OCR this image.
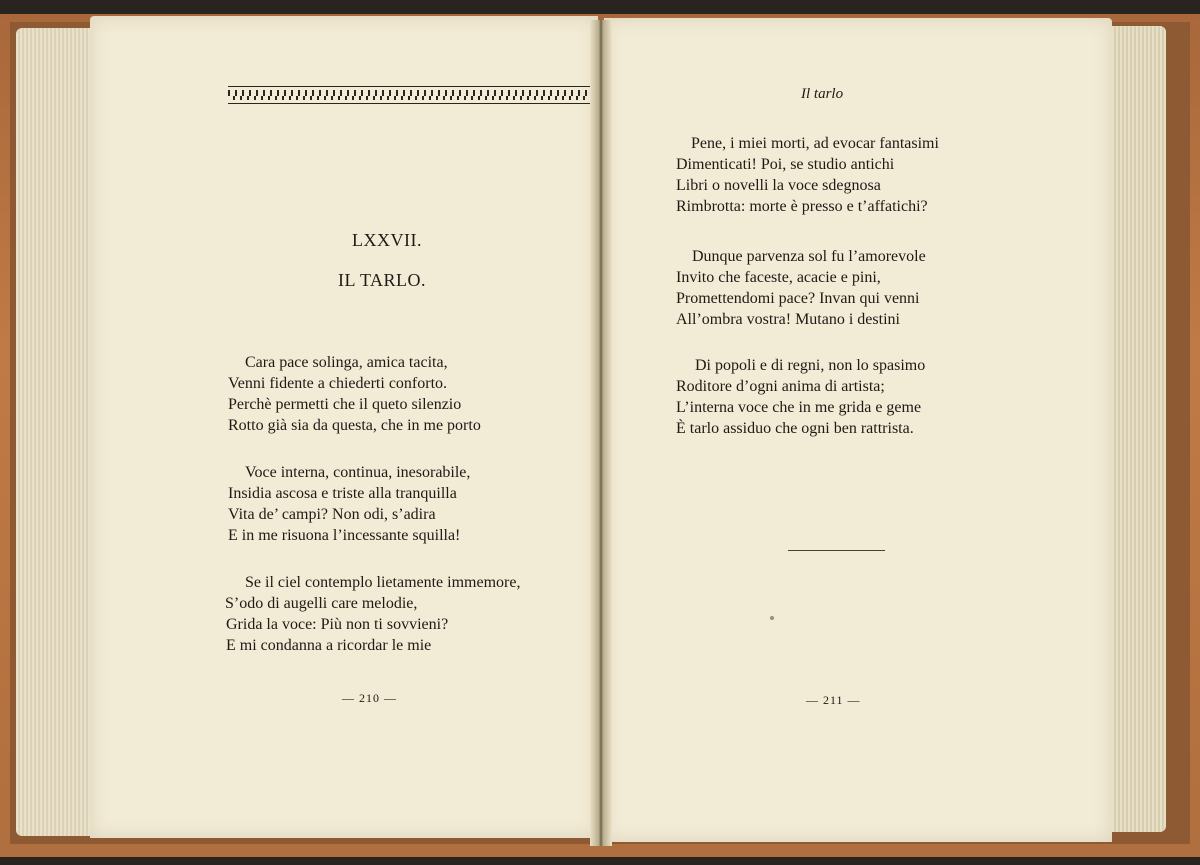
LXXVII.
IL TARLO.
Cara pace solinga, amica tacita,
Venni fidente a chiederti conforto.
Perchè permetti che il queto silenzio
Rotto già sia da questa, che in me porto
Voce interna, continua, inesorabile,
Insidia ascosa e triste alla tranquilla
Vita de’ campi? Non odi, s’adira
E in me risuona l’incessante squilla!
Se il ciel contemplo lietamente immemore,
S’odo di augelli care melodie,
Grida la voce: Più non ti sovvieni?
E mi condanna a ricordar le mie
— 210 —
Il tarlo
Pene, i miei morti, ad evocar fantasimi
Dimenticati! Poi, se studio antichi
Libri o novelli la voce sdegnosa
Rimbrotta: morte è presso e t’affatichi?
Dunque parvenza sol fu l’amorevole
Invito che faceste, acacie e pini,
Promettendomi pace? Invan qui venni
All’ombra vostra! Mutano i destini
Di popoli e di regni, non lo spasimo
Roditore d’ogni anima di artista;
L’interna voce che in me grida e geme
È tarlo assiduo che ogni ben rattrista.
— 211 —
